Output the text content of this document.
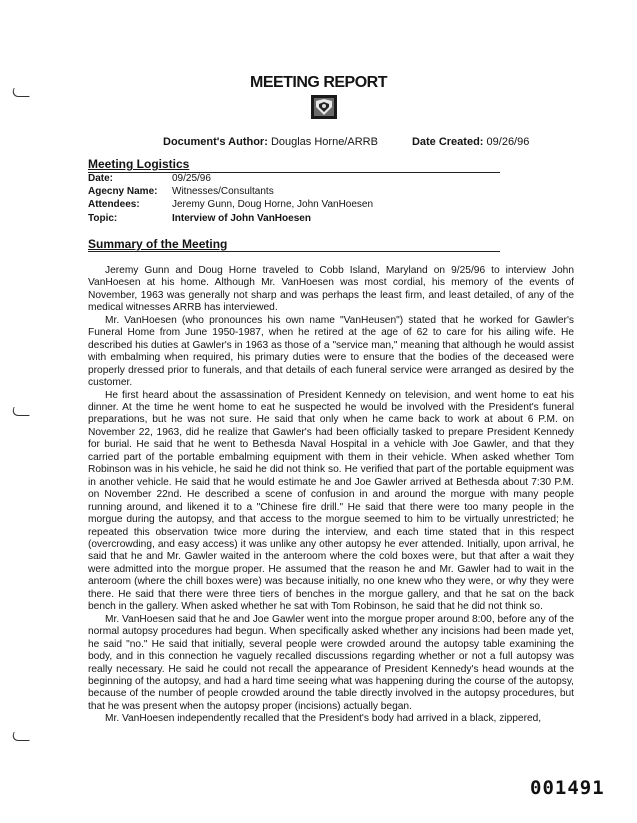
MEETING REPORT
Document's Author: Douglas Horne/ARRB	Date Created: 09/26/96
Meeting Logistics
Date:	09/25/96
Agecny Name:	Witnesses/Consultants
Attendees:	Jeremy Gunn, Doug Horne, John VanHoesen
Topic:	Interview of John VanHoesen
Summary of the Meeting

Jeremy Gunn and Doug Horne traveled to Cobb Island, Maryland on 9/25/96 to interview John VanHoesen at his home. Although Mr. VanHoesen was most cordial, his memory of the events of November, 1963 was generally not sharp and was perhaps the least firm, and least detailed, of any of the medical witnesses ARRB has interviewed.

Mr. VanHoesen (who pronounces his own name "VanHeusen") stated that he worked for Gawler's Funeral Home from June 1950-1987, when he retired at the age of 62 to care for his ailing wife. He described his duties at Gawler's in 1963 as those of a "service man," meaning that although he would assist with embalming when required, his primary duties were to ensure that the bodies of the deceased were properly dressed prior to funerals, and that details of each funeral service were arranged as desired by the customer.

He first heard about the assassination of President Kennedy on television, and went home to eat his dinner. At the time he went home to eat he suspected he would be involved with the President's funeral preparations, but he was not sure. He said that only when he came back to work at about 6 P.M. on November 22, 1963, did he realize that Gawler's had been officially tasked to prepare President Kennedy for burial. He said that he went to Bethesda Naval Hospital in a vehicle with Joe Gawler, and that they carried part of the portable embalming equipment with them in their vehicle. When asked whether Tom Robinson was in his vehicle, he said he did not think so. He verified that part of the portable equipment was in another vehicle. He said that he would estimate he and Joe Gawler arrived at Bethesda about 7:30 P.M. on November 22nd. He described a scene of confusion in and around the morgue with many people running around, and likened it to a "Chinese fire drill." He said that there were too many people in the morgue during the autopsy, and that access to the morgue seemed to him to be virtually unrestricted; he repeated this observation twice more during the interview, and each time stated that in this respect (overcrowding, and easy access) it was unlike any other autopsy he ever attended. Initially, upon arrival, he said that he and Mr. Gawler waited in the anteroom where the cold boxes were, but that after a wait they were admitted into the morgue proper. He assumed that the reason he and Mr. Gawler had to wait in the anteroom (where the chill boxes were) was because initially, no one knew who they were, or why they were there. He said that there were three tiers of benches in the morgue gallery, and that he sat on the back bench in the gallery. When asked whether he sat with Tom Robinson, he said that he did not think so.

Mr. VanHoesen said that he and Joe Gawler went into the morgue proper around 8:00, before any of the normal autopsy procedures had begun. When specifically asked whether any incisions had been made yet, he said "no." He said that initially, several people were crowded around the autopsy table examining the body, and in this connection he vaguely recalled discussions regarding whether or not a full autopsy was really necessary. He said he could not recall the appearance of President Kennedy's head wounds at the beginning of the autopsy, and had a hard time seeing what was happening during the course of the autopsy, because of the number of people crowded around the table directly involved in the autopsy procedures, but that he was present when the autopsy proper (incisions) actually began.

Mr. VanHoesen independently recalled that the President's body had arrived in a black, zippered,

001491
